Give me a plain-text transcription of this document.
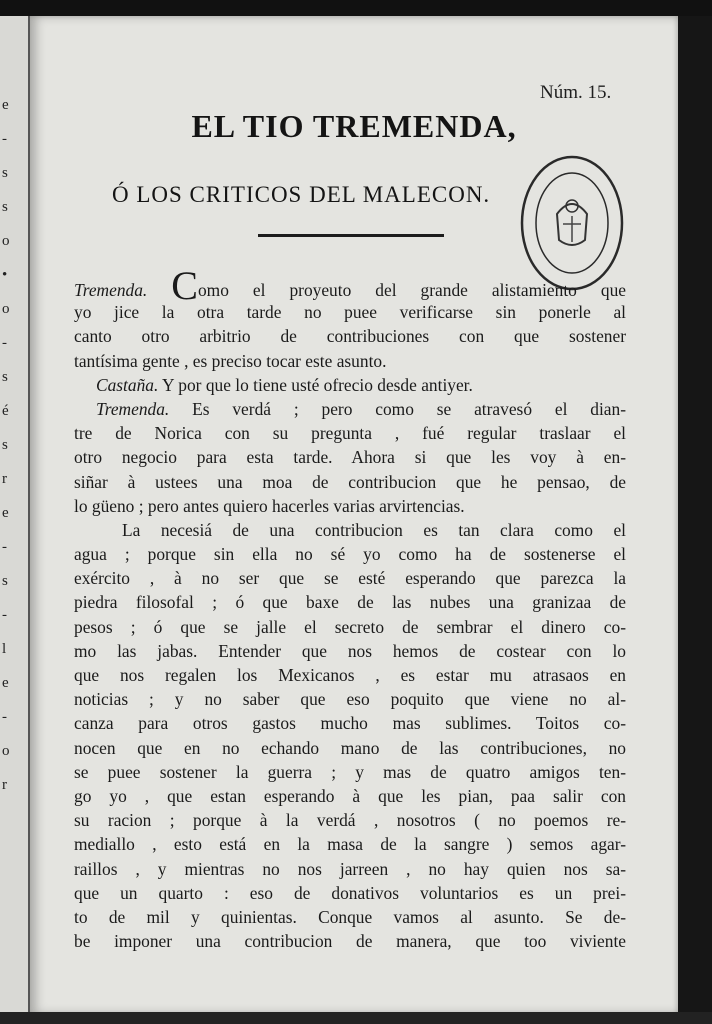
e
-
s
s
o
•
o
-
s
é
s
r
e
-
s
-
l
e
-
o
r
Núm. 15.
EL TIO TREMENDA,
Ó LOS CRITICOS DEL MALECON.
Tremenda. Como el proyeuto del grande alistamiento que
yo jice la otra tarde no puee verificarse sin ponerle al
canto otro arbitrio de contribuciones con que sostener
tantísima gente , es preciso tocar este asunto.
Castaña. Y por que lo tiene usté ofrecio desde antiyer.
Tremenda. Es verdá ; pero como se atravesó el dian-
tre de Norica con su pregunta , fué regular traslaar el
otro negocio para esta tarde. Ahora si que les voy à en-
siñar à ustees una moa de contribucion que he pensao, de
lo güeno ; pero antes quiero hacerles varias arvirtencias.
La necesiá de una contribucion es tan clara como el
agua ; porque sin ella no sé yo como ha de sostenerse el
exército , à no ser que se esté esperando que parezca la
piedra filosofal ; ó que baxe de las nubes una granizaa de
pesos ; ó que se jalle el secreto de sembrar el dinero co-
mo las jabas. Entender que nos hemos de costear con lo
que nos regalen los Mexicanos , es estar mu atrasaos en
noticias ; y no saber que eso poquito que viene no al-
canza para otros gastos mucho mas sublimes. Toitos co-
nocen que en no echando mano de las contribuciones, no
se puee sostener la guerra ; y mas de quatro amigos ten-
go yo , que estan esperando à que les pian, paa salir con
su racion ; porque à la verdá , nosotros ( no poemos re-
mediallo , esto está en la masa de la sangre ) semos agar-
raillos , y mientras no nos jarreen , no hay quien nos sa-
que un quarto : eso de donativos voluntarios es un prei-
to de mil y quinientas. Conque vamos al asunto. Se de-
be imponer una contribucion de manera, que too viviente
